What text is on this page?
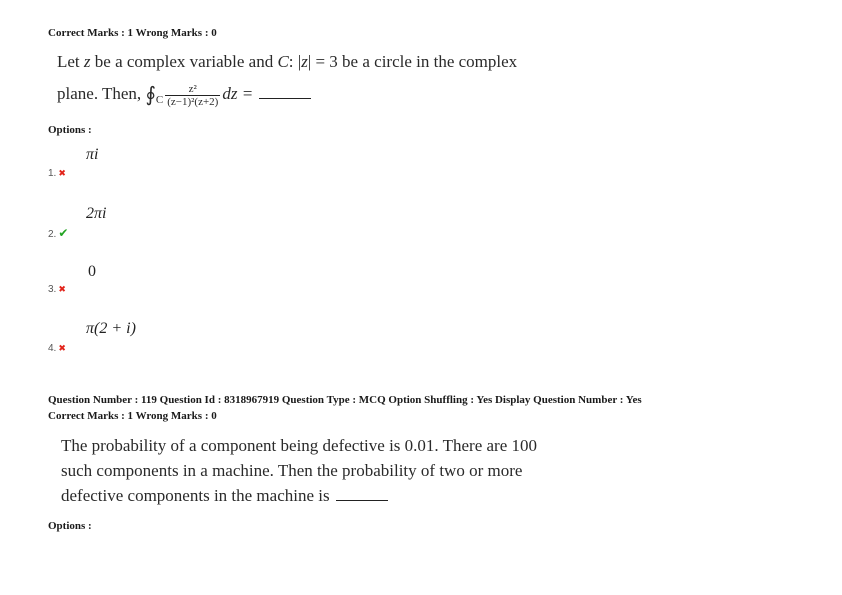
Correct Marks : 1 Wrong Marks : 0
Let z be a complex variable and C: |z| = 3 be a circle in the complex
plane. Then, $∮_C \frac{\text{z²}}{\text{(z−1)²(z+2)}}$ dz =
Options :
πi
1. ✖
2πi
2. ✔
0
3. ✖
π(2 + i)
4. ✖
Question Number : 119 Question Id : 8318967919 Question Type : MCQ Option Shuffling : Yes Display Question Number : Yes
Correct Marks : 1 Wrong Marks : 0
The probability of a component being defective is 0.01. There are 100
such components in a machine. Then the probability of two or more
defective components in the machine is
Options :
